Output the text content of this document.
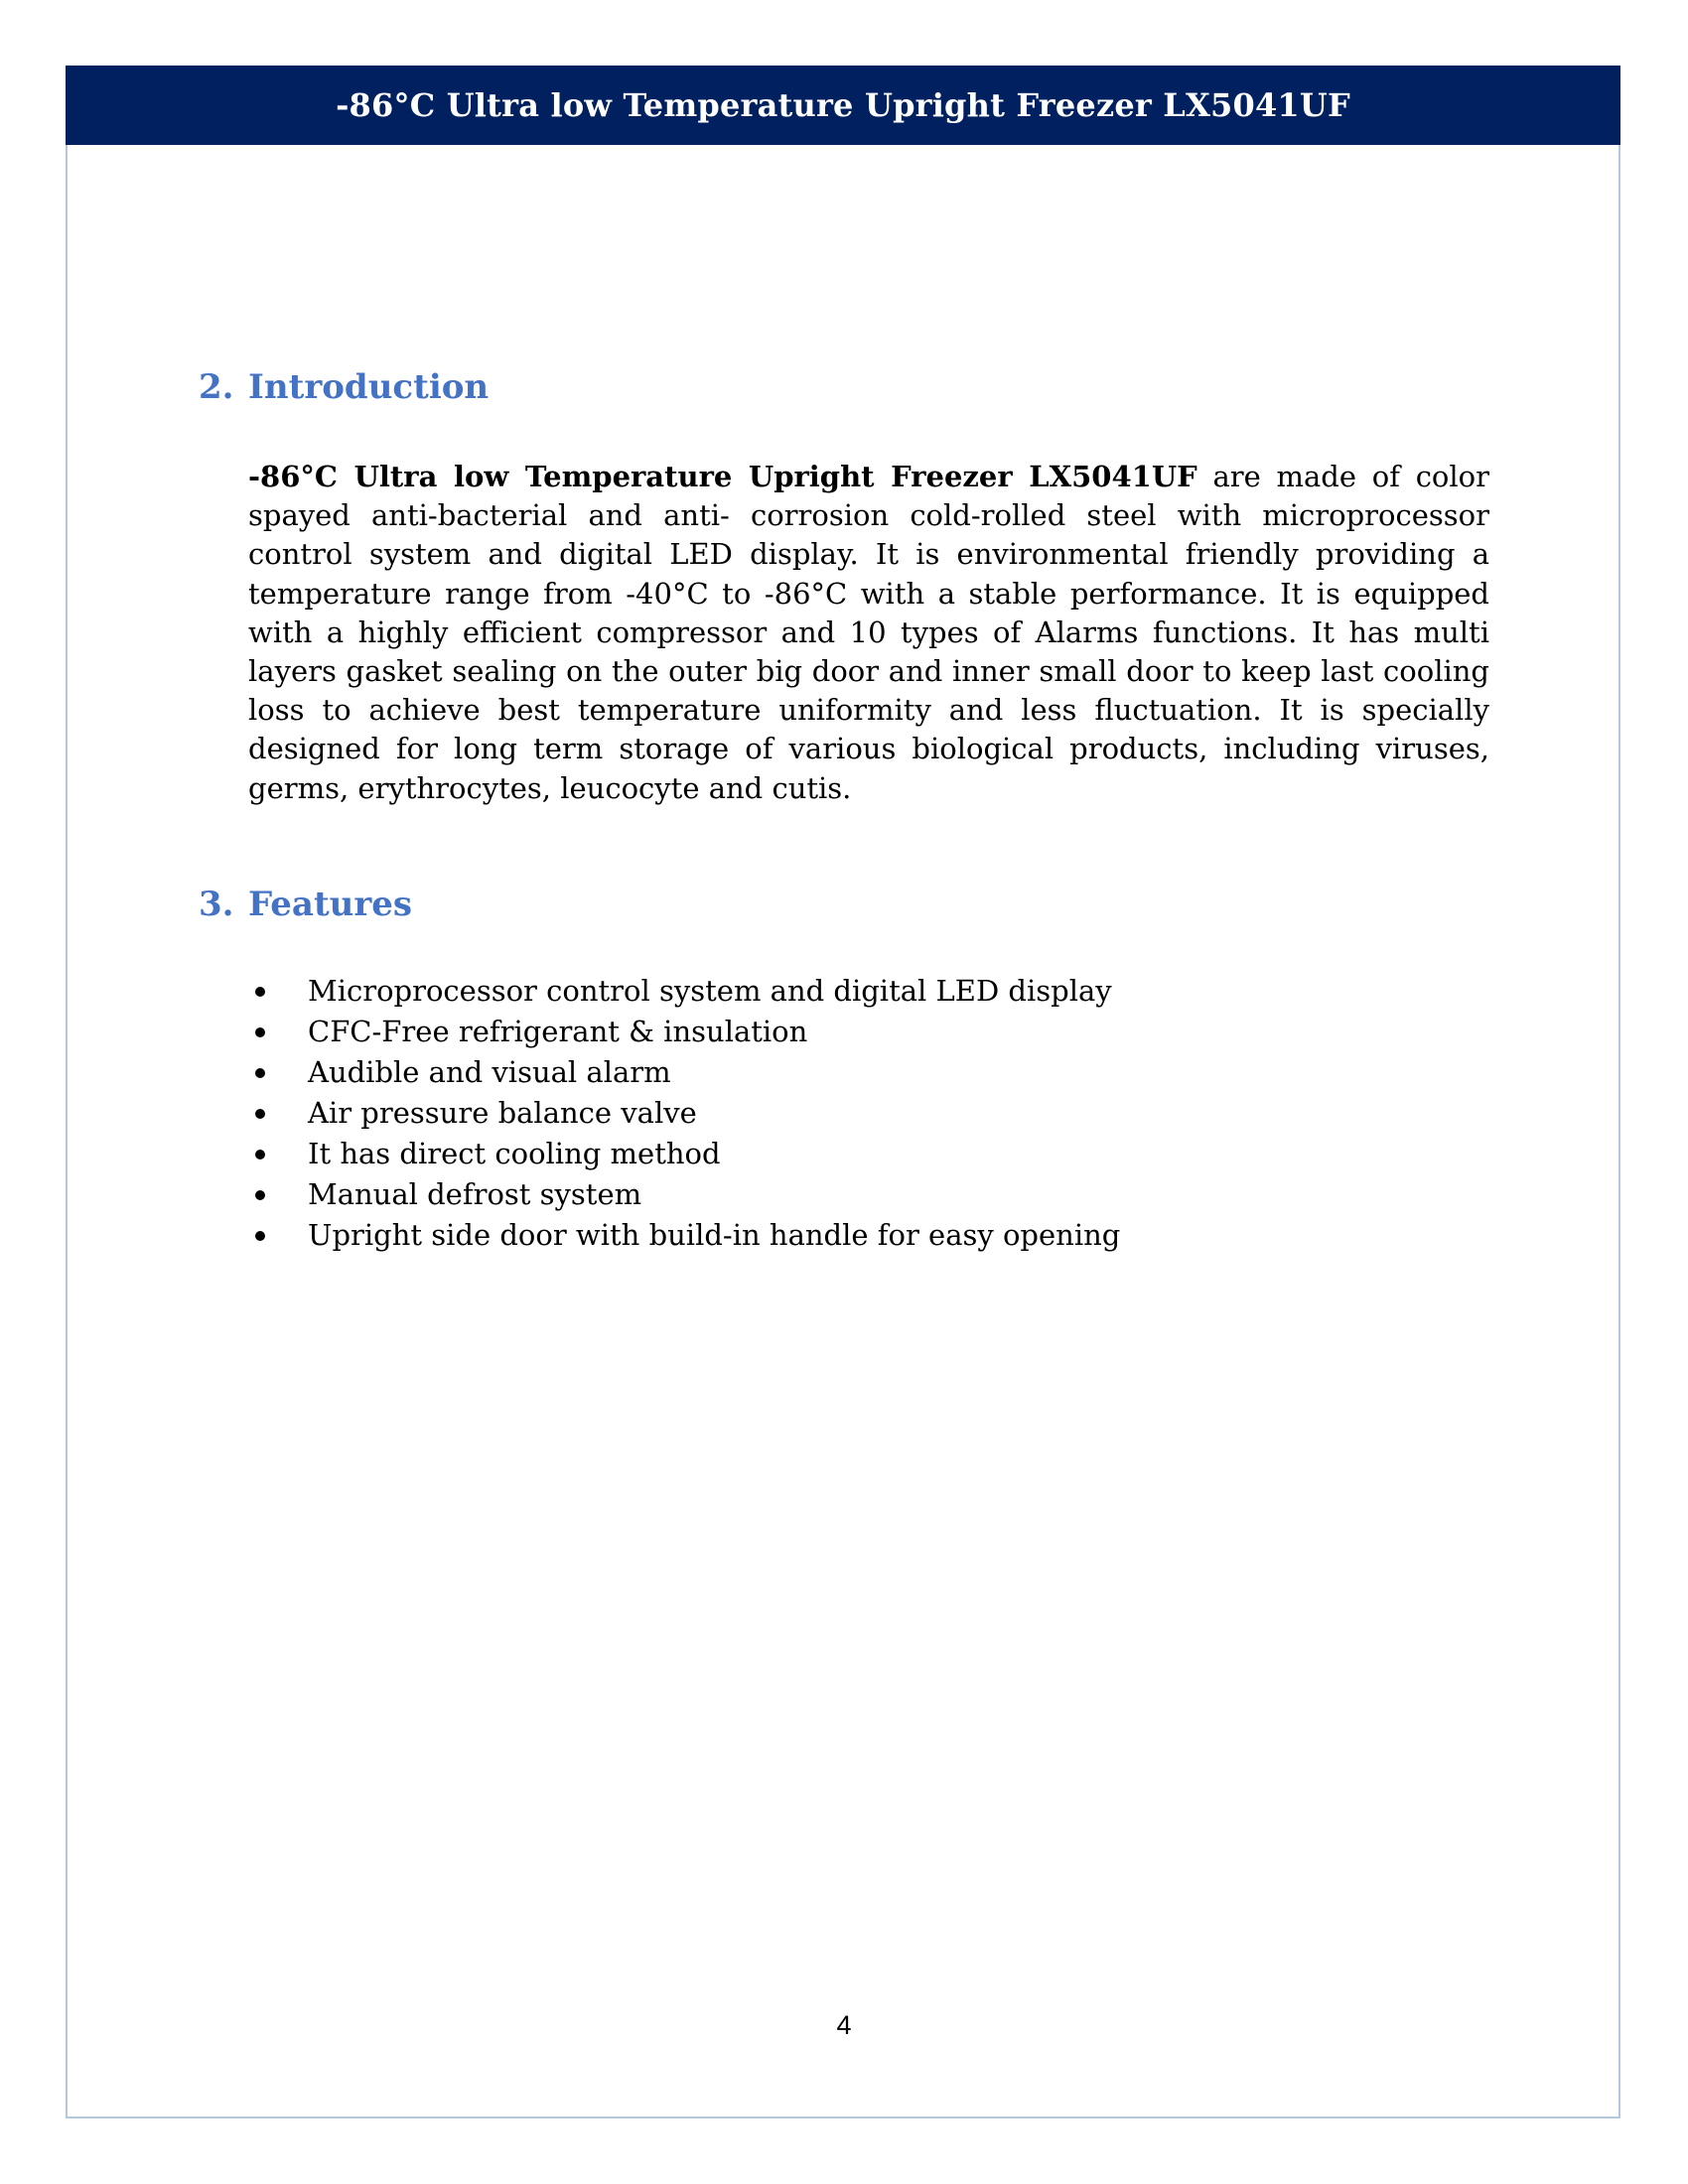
-86°C Ultra low Temperature Upright Freezer LX5041UF
2. Introduction

-86°C Ultra low Temperature Upright Freezer LX5041UF are made of color spayed anti-bacterial and anti- corrosion cold-rolled steel with microprocessor control system and digital LED display. It is environmental friendly providing a temperature range from -40°C to -86°C with a stable performance. It is equipped with a highly efficient compressor and 10 types of Alarms functions. It has multi layers gasket sealing on the outer big door and inner small door to keep last cooling loss to achieve best temperature uniformity and less fluctuation. It is specially designed for long term storage of various biological products, including viruses, germs, erythrocytes, leucocyte and cutis.

3. Features
Microprocessor control system and digital LED display
CFC-Free refrigerant & insulation
Audible and visual alarm
Air pressure balance valve
It has direct cooling method
Manual defrost system
Upright side door with build-in handle for easy opening
4
